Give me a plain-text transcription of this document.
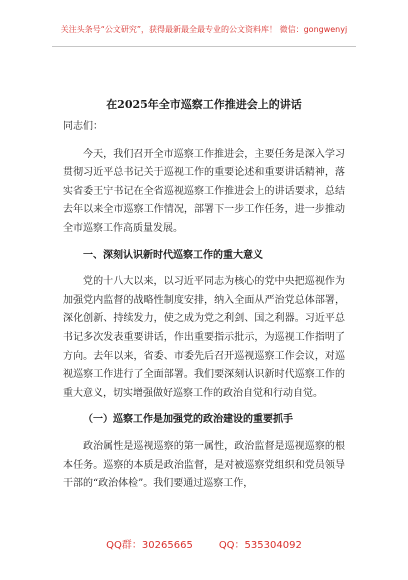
关注头条号“公文研究”，获得最新最全最专业的公文资料库！ 微信：gongwenyj
在2025年全市巡察工作推进会上的讲话

同志们：

今天，我们召开全市巡察工作推进会，主要任务是深入学习贯彻习近平总书记关于巡视工作的重要论述和重要讲话精神，落实省委王宁书记在全省巡视巡察工作推进会上的讲话要求，总结去年以来全市巡察工作情况，部署下一步工作任务，进一步推动全市巡察工作高质量发展。

一、深刻认识新时代巡察工作的重大意义

党的十八大以来，以习近平同志为核心的党中央把巡视作为加强党内监督的战略性制度安排，纳入全面从严治党总体部署，深化创新、持续发力，使之成为党之利剑、国之利器。习近平总书记多次发表重要讲话，作出重要指示批示，为巡视工作指明了方向。去年以来，省委、市委先后召开巡视巡察工作会议，对巡视巡察工作进行了全面部署。我们要深刻认识新时代巡察工作的重大意义，切实增强做好巡察工作的政治自觉和行动自觉。

（一）巡察工作是加强党的政治建设的重要抓手

政治属性是巡视巡察的第一属性，政治监督是巡视巡察的根本任务。巡察的本质是政治监督，是对被巡察党组织和党员领导干部的“政治体检”。我们要通过巡察工作，

QQ群：30265665	QQ：535304092
